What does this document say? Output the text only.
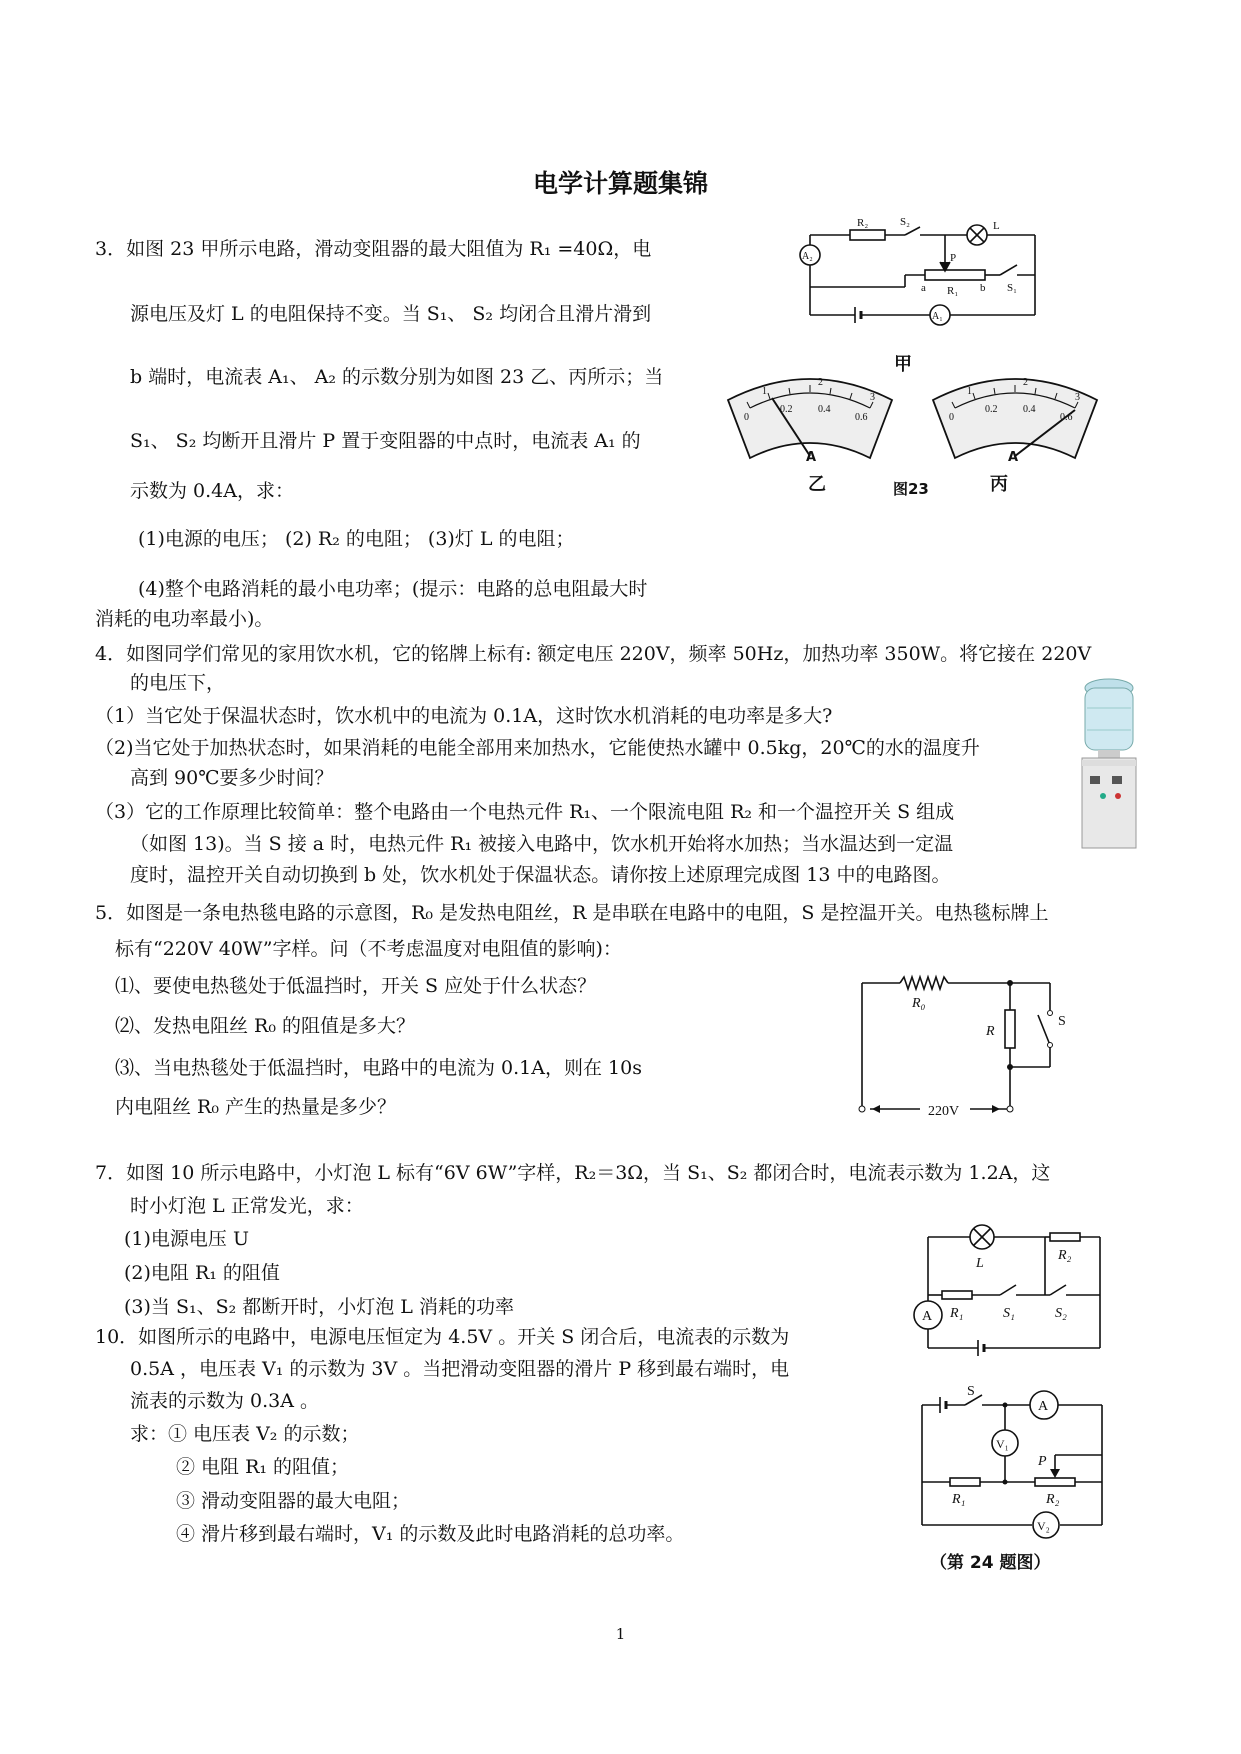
电学计算题集锦
3．如图 23 甲所示电路，滑动变阻器的最大阻值为 R₁ =40Ω，电
源电压及灯 L 的电阻保持不变。当 S₁、 S₂ 均闭合且滑片滑到
b 端时，电流表 A₁、 A₂ 的示数分别为如图 23 乙、丙所示；当
S₁、 S₂ 均断开且滑片 P 置于变阻器的中点时，电流表 A₁ 的
示数为 0.4A，求：
(1)电源的电压； (2) R₂ 的电阻； (3)灯 L 的电阻；
(4)整个电路消耗的最小电功率；(提示：电路的总电阻最大时
消耗的电功率最小)。
R₂	S₂	L
A₂
A₁
P
a R₁ b S₁
甲
1
2
3
0
0.2	0.4
0.6
A
乙
1
2
3
0
0.2	0.4
0.6
A
丙
图23
4．如图同学们常见的家用饮水机，它的铭牌上标有: 额定电压 220V，频率 50Hz，加热功率 350W。将它接在 220V
的电压下，
（1）当它处于保温状态时，饮水机中的电流为 0.1A，这时饮水机消耗的电功率是多大?
（2)当它处于加热状态时，如果消耗的电能全部用来加热水，它能使热水罐中 0.5kg，20℃的水的温度升
高到 90℃要多少时间？
（3）它的工作原理比较简单：整个电路由一个电热元件 R₁、一个限流电阻 R₂ 和一个温控开关 S 组成
（如图 13)。当 S 接 a 时，电热元件 R₁ 被接入电路中，饮水机开始将水加热；当水温达到一定温
度时，温控开关自动切换到 b 处，饮水机处于保温状态。请你按上述原理完成图 13 中的电路图。
5．如图是一条电热毯电路的示意图，R₀ 是发热电阻丝，R 是串联在电路中的电阻，S 是控温开关。电热毯标牌上
标有“220V 40W”字样。问（不考虑温度对电阻值的影响)：
⑴、要使电热毯处于低温挡时，开关 S 应处于什么状态？
⑵、发热电阻丝 R₀ 的阻值是多大？
⑶、当电热毯处于低温挡时，电路中的电流为 0.1A，则在 10s
内电阻丝 R₀ 产生的热量是多少？
R₀
R
S
220V
7．如图 10 所示电路中，小灯泡 L 标有“6V 6W”字样，R₂＝3Ω，当 S₁、S₂ 都闭合时，电流表示数为 1.2A，这
时小灯泡 L 正常发光，求：
(1)电源电压 U
(2)电阻 R₁ 的阻值
(3)当 S₁、S₂ 都断开时，小灯泡 L 消耗的功率
L
R₂
A R₁	S₁	S₂
10．如图所示的电路中，电源电压恒定为 4.5V 。开关 S 闭合后，电流表的示数为
0.5A ，电压表 V₁ 的示数为 3V 。当把滑动变阻器的滑片 P 移到最右端时，电
流表的示数为 0.3A 。
求：① 电压表 V₂ 的示数；
② 电阻 R₁ 的阻值；
③ 滑动变阻器的最大电阻；
④ 滑片移到最右端时，V₁ 的示数及此时电路消耗的总功率。
S
A
V₁
P
R₁	R₂
V₂
（第 24 题图）
1
